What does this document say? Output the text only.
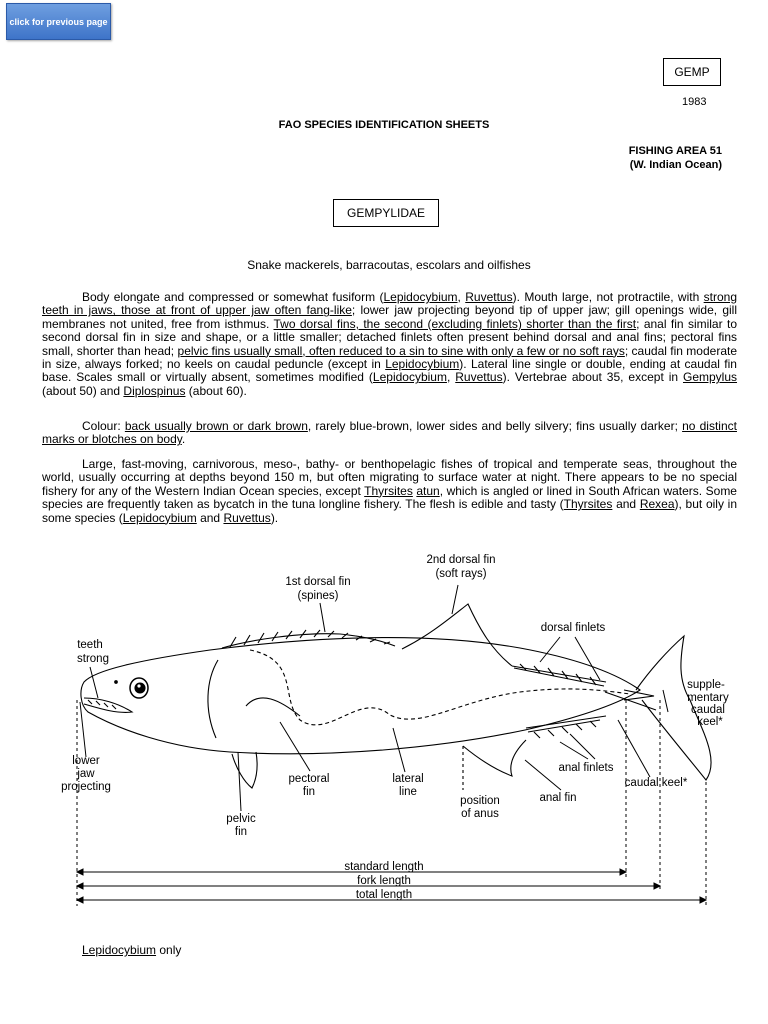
click for previous page
GEMP
1983
FAO SPECIES IDENTIFICATION SHEETS
FISHING AREA 51
(W. Indian Ocean)
GEMPYLIDAE
Snake mackerels, barracoutas, escolars and oilfishes
Body elongate and compressed or somewhat fusiform (Lepidocybium, Ruvettus). Mouth large, not protractile, with strong teeth in jaws, those at front of upper jaw often fang-like; lower jaw projecting beyond tip of upper jaw; gill openings wide, gill membranes not united, free from isthmus. Two dorsal fins, the second (excluding finlets) shorter than the first; anal fin similar to second dorsal fin in size and shape, or a little smaller; detached finlets often present behind dorsal and anal fins; pectoral fins small, shorter than head; pelvic fins usually small, often reduced to a sin to sine with only a few or no soft rays; caudal fin moderate in size, always forked; no keels on caudal peduncle (except in Lepidocybium). Lateral line single or double, ending at caudal fin base. Scales small or virtually absent, sometimes modified (Lepidocybium, Ruvettus). Vertebrae about 35, except in Gempylus (about 50) and Diplospinus (about 60).
Colour: back usually brown or dark brown, rarely blue-brown, lower sides and belly silvery; fins usually darker; no distinct marks or blotches on body.
Large, fast-moving, carnivorous, meso-, bathy- or benthopelagic fishes of tropical and temperate seas, throughout the world, usually occurring at depths beyond 150 m, but often migrating to surface water at night. There appears to be no special fishery for any of the Western Indian Ocean species, except Thyrsites atun, which is angled or lined in South African waters. Some species are frequently taken as bycatch in the tuna longline fishery. The flesh is edible and tasty (Thyrsites and Rexea), but oily in some species (Lepidocybium and Ruvettus).
2nd dorsal fin
(soft rays)
1st dorsal fin
(spines)
dorsal finlets
teeth
strong
supple-
mentary
caudal
keel*
lower
jaw
projecting
pectoral
fin
lateral
line
anal finlets
caudal keel*
position
of anus
anal fin
pelvic
fin
standard length
fork length
total length
Lepidocybium only
